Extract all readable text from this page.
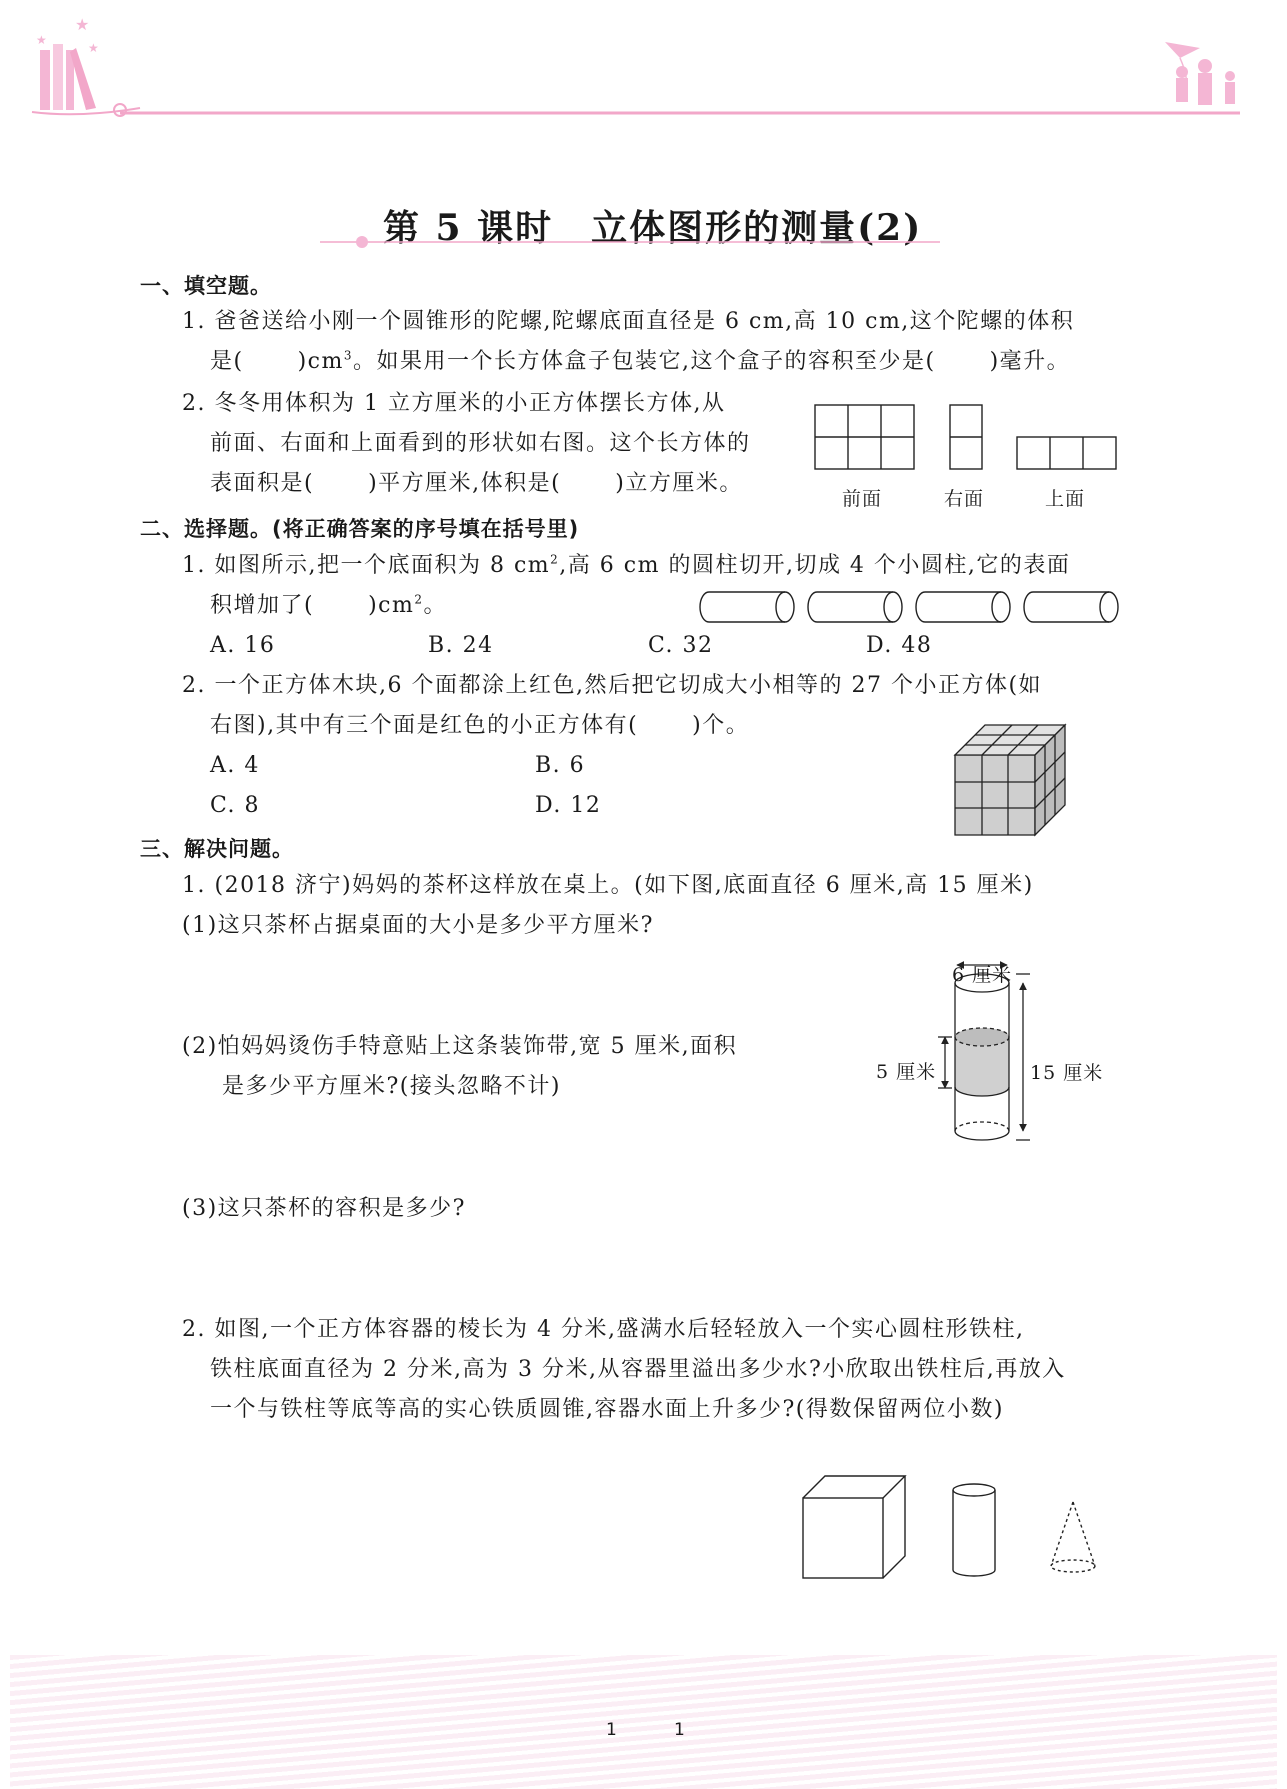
★
★
★
第 5 课时　立体图形的测量(2)
一、填空题。
1. 爸爸送给小刚一个圆锥形的陀螺,陀螺底面直径是 6 cm,高 10 cm,这个陀螺的体积
是( )$cm^3$。如果用一个长方体盒子包装它,这个盒子的容积至少是( )毫升。
2. 冬冬用体积为 1 立方厘米的小正方体摆长方体,从
前面、右面和上面看到的形状如右图。这个长方体的
表面积是( )平方厘米,体积是( )立方厘米。
前面	右面	上面
二、选择题。(将正确答案的序号填在括号里)
1. 如图所示,把一个底面积为 8 $cm^2$,高 6 cm 的圆柱切开,切成 4 个小圆柱,它的表面
积增加了( )$cm^2$。
A. 16	B. 24	C. 32	D. 48
2. 一个正方体木块,6 个面都涂上红色,然后把它切成大小相等的 27 个小正方体(如
右图),其中有三个面是红色的小正方体有( )个。
A. 4	B. 6
C. 8	D. 12
三、解决问题。
1. (2018 济宁)妈妈的茶杯这样放在桌上。(如下图,底面直径 6 厘米,高 15 厘米)
(1)这只茶杯占据桌面的大小是多少平方厘米?
(2)怕妈妈烫伤手特意贴上这条装饰带,宽 5 厘米,面积
是多少平方厘米?(接头忽略不计)
6 厘米
5 厘米	15 厘米
(3)这只茶杯的容积是多少?
2. 如图,一个正方体容器的棱长为 4 分米,盛满水后轻轻放入一个实心圆柱形铁柱,
铁柱底面直径为 2 分米,高为 3 分米,从容器里溢出多少水?小欣取出铁柱后,再放入
一个与铁柱等底等高的实心铁质圆锥,容器水面上升多少?(得数保留两位小数)
1	1
